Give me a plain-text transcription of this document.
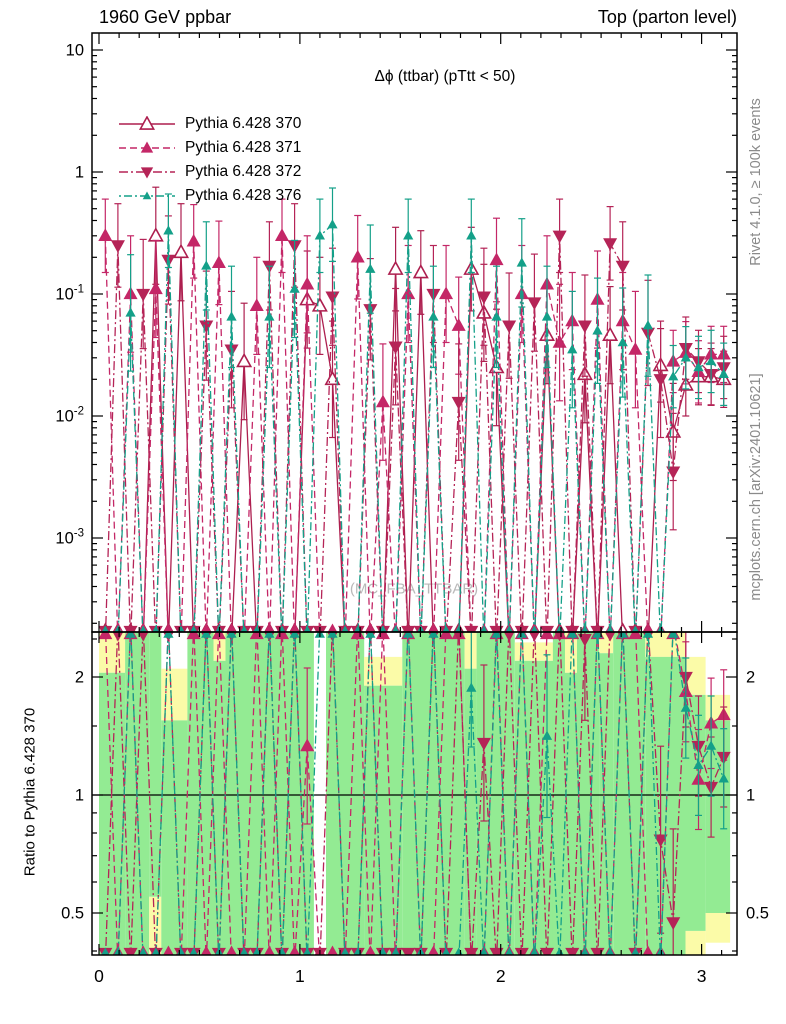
1960 GeV ppbar	Top (parton level)
Δϕ (ttbar) (pTtt < 50)
(MC_FBA_TTBAR)
10
1
$10^{-1}$
$10^{-2}$
$10^{-3}$
2	2
1	1
0.5	0.5
0	1	2	3
Pythia 6.428 370
Pythia 6.428 371
Pythia 6.428 372
Pythia 6.428 376	Rivet 4.1.0, ≥ 100k events
mcplots.cern.ch [arXiv:2401.10621]
Ratio to Pythia 6.428 370
